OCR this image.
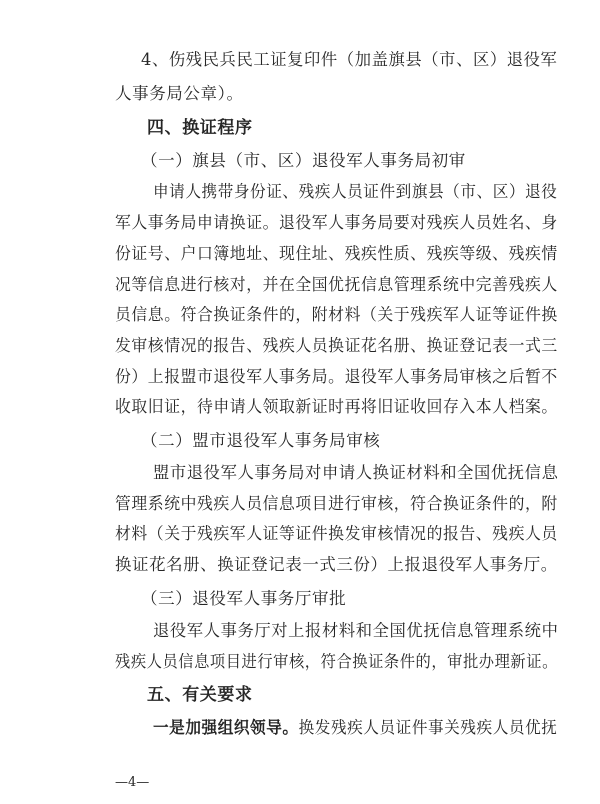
4、伤残民兵民工证复印件（加盖旗县（市、区）退役军
人事务局公章）。
四、换证程序
（一）旗县（市、区）退役军人事务局初审
申请人携带身份证、残疾人员证件到旗县（市、区）退役
军人事务局申请换证。退役军人事务局要对残疾人员姓名、身
份证号、户口簿地址、现住址、残疾性质、残疾等级、残疾情
况等信息进行核对，并在全国优抚信息管理系统中完善残疾人
员信息。符合换证条件的，附材料（关于残疾军人证等证件换
发审核情况的报告、残疾人员换证花名册、换证登记表一式三
份）上报盟市退役军人事务局。退役军人事务局审核之后暂不
收取旧证，待申请人领取新证时再将旧证收回存入本人档案。
（二）盟市退役军人事务局审核
盟市退役军人事务局对申请人换证材料和全国优抚信息
管理系统中残疾人员信息项目进行审核，符合换证条件的，附
材料（关于残疾军人证等证件换发审核情况的报告、残疾人员
换证花名册、换证登记表一式三份）上报退役军人事务厅。
（三）退役军人事务厅审批
退役军人事务厅对上报材料和全国优抚信息管理系统中
残疾人员信息项目进行审核，符合换证条件的，审批办理新证。
五、有关要求
一是加强组织领导。换发残疾人员证件事关残疾人员优抚
—4—
